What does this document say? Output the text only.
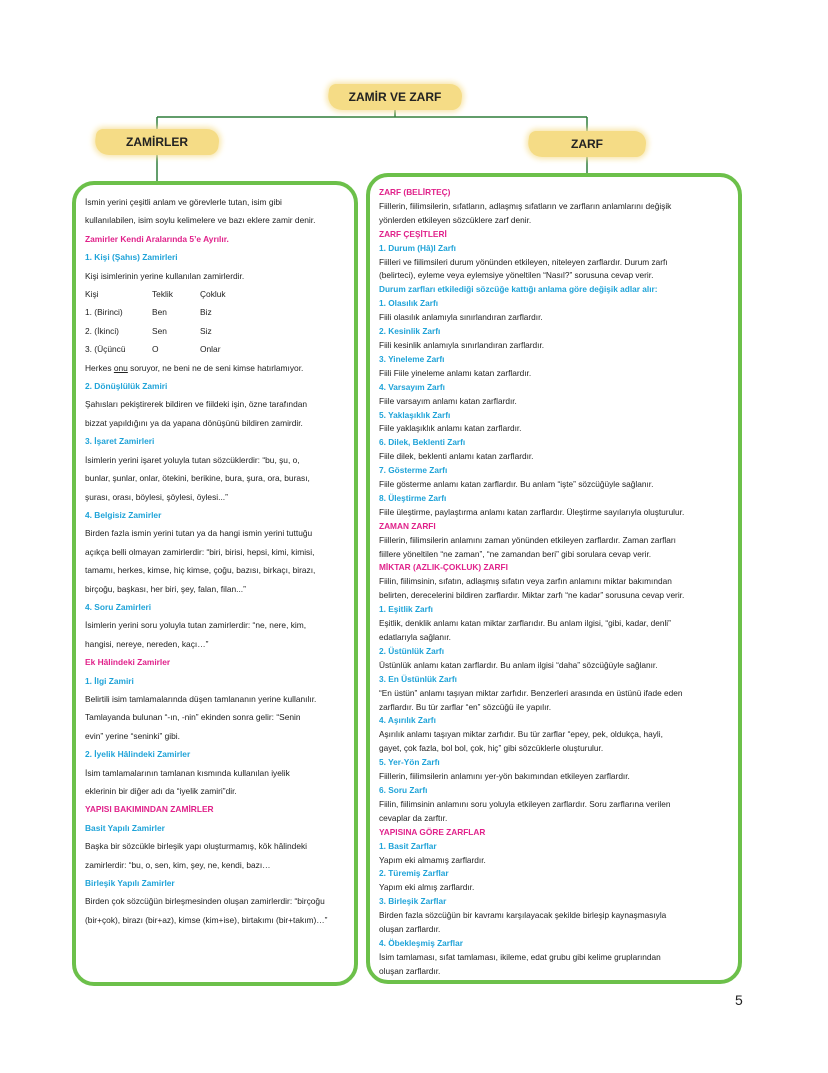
ZAMİR VE ZARF
ZAMİRLER	ZARF
İsmin yerini çeşitli anlam ve görevlerle tutan, isim gibi
kullanılabilen, isim soylu kelimelere ve bazı eklere zamir denir.
Zamirler Kendi Aralarında 5’e Ayrılır.
1. Kişi (Şahıs) Zamirleri
Kişi isimlerinin yerine kullanılan zamirlerdir.
Kişi	Teklik	Çokluk
1. (Birinci)	Ben	Biz
2. (İkinci)	Sen	Siz
3. (Üçüncü	O	Onlar
Herkes onu soruyor, ne beni ne de seni kimse hatırlamıyor.
2. Dönüşlülük Zamiri
Şahısları pekiştirerek bildiren ve fiildeki işin, özne tarafından
bizzat yapıldığını ya da yapana dönüşünü bildiren zamirdir.
3. İşaret Zamirleri
İsimlerin yerini işaret yoluyla tutan sözcüklerdir: “bu, şu, o,
bunlar, şunlar, onlar, ötekini, berikine, bura, şura, ora, burası,
şurası, orası, böylesi, şöylesi, öylesi...”
4. Belgisiz Zamirler
Birden fazla ismin yerini tutan ya da hangi ismin yerini tuttuğu
açıkça belli olmayan zamirlerdir: “biri, birisi, hepsi, kimi, kimisi,
tamamı, herkes, kimse, hiç kimse, çoğu, bazısı, birkaçı, birazı,
birçoğu, başkası, her biri, şey, falan, filan...”
4. Soru Zamirleri
İsimlerin yerini soru yoluyla tutan zamirlerdir: “ne, nere, kim,
hangisi, nereye, nereden, kaçı…”
Ek Hâlindeki Zamirler
1. İlgi Zamiri
Belirtili isim tamlamalarında düşen tamlananın yerine kullanılır.
Tamlayanda bulunan “-ın, -nin” ekinden sonra gelir: “Senin
evin” yerine “seninki” gibi.
2. İyelik Hâlindeki Zamirler
İsim tamlamalarının tamlanan kısmında kullanılan iyelik
eklerinin bir diğer adı da “iyelik zamiri”dir.
YAPISI BAKIMINDAN ZAMİRLER
Basit Yapılı Zamirler
Başka bir sözcükle birleşik yapı oluşturmamış, kök hâlindeki
zamirlerdir: “bu, o, sen, kim, şey, ne, kendi, bazı…
Birleşik Yapılı Zamirler
Birden çok sözcüğün birleşmesinden oluşan zamirlerdir: “birçoğu
(bir+çok), birazı (bir+az), kimse (kim+ise), birtakımı (bir+takım)…”
ZARF (BELİRTEÇ)
Fiillerin, fiilimsilerin, sıfatların, adlaşmış sıfatların ve zarfların anlamlarını değişik
yönlerden etkileyen sözcüklere zarf denir.
ZARF ÇEŞİTLERİ
1. Durum (Hâ)l Zarfı
Fiilleri ve fiilimsileri durum yönünden etkileyen, niteleyen zarflardır. Durum zarfı
(belirteci), eyleme veya eylemsiye yöneltilen “Nasıl?” sorusuna cevap verir.
Durum zarfları etkilediği sözcüğe kattığı anlama göre değişik adlar alır:
1. Olasılık Zarfı
Fiili olasılık anlamıyla sınırlandıran zarflardır.
2. Kesinlik Zarfı
Fiili kesinlik anlamıyla sınırlandıran zarflardır.
3. Yineleme Zarfı
Fiili Fiile yineleme anlamı katan zarflardır.
4. Varsayım Zarfı
Fiile varsayım anlamı katan zarflardır.
5. Yaklaşıklık Zarfı
Fiile yaklaşıklık anlamı katan zarflardır.
6. Dilek, Beklenti Zarfı
Fiile dilek, beklenti anlamı katan zarflardır.
7. Gösterme Zarfı
Fiile gösterme anlamı katan zarflardır. Bu anlam “işte” sözcüğüyle sağlanır.
8. Üleştirme Zarfı
Fiile üleştirme, paylaştırma anlamı katan zarflardır. Üleştirme sayılarıyla oluşturulur.
ZAMAN ZARFI
Fiillerin, fiilimsilerin anlamını zaman yönünden etkileyen zarflardır. Zaman zarfları
fiillere yöneltilen “ne zaman”, “ne zamandan beri” gibi sorulara cevap verir.
MİKTAR (AZLIK-ÇOKLUK) ZARFI
Fiilin, fiilimsinin, sıfatın, adlaşmış sıfatın veya zarfın anlamını miktar bakımından
belirten, derecelerini bildiren zarflardır. Miktar zarfı “ne kadar” sorusuna cevap verir.
1. Eşitlik Zarfı
Eşitlik, denklik anlamı katan miktar zarflarıdır. Bu anlam ilgisi, “gibi, kadar, denli”
edatlarıyla sağlanır.
2. Üstünlük Zarfı
Üstünlük anlamı katan zarflardır. Bu anlam ilgisi “daha” sözcüğüyle sağlanır.
3. En Üstünlük Zarfı
“En üstün” anlamı taşıyan miktar zarfıdır. Benzerleri arasında en üstünü ifade eden
zarflardır. Bu tür zarflar “en” sözcüğü ile yapılır.
4. Aşırılık Zarfı
Aşırılık anlamı taşıyan miktar zarfıdır. Bu tür zarflar “epey, pek, oldukça, hayli,
gayet, çok fazla, bol bol, çok, hiç” gibi sözcüklerle oluşturulur.
5. Yer-Yön Zarfı
Fiillerin, fiilimsilerin anlamını yer-yön bakımından etkileyen zarflardır.
6. Soru Zarfı
Fiilin, fiilimsinin anlamını soru yoluyla etkileyen zarflardır. Soru zarflarına verilen
cevaplar da zarftır.
YAPISINA GÖRE ZARFLAR
1. Basit Zarflar
Yapım eki almamış zarflardır.
2. Türemiş Zarflar
Yapım eki almış zarflardır.
3. Birleşik Zarflar
Birden fazla sözcüğün bir kavramı karşılayacak şekilde birleşip kaynaşmasıyla
oluşan zarflardır.
4. Öbekleşmiş Zarflar
İsim tamlaması, sıfat tamlaması, ikileme, edat grubu gibi kelime gruplarından
oluşan zarflardır.
5
